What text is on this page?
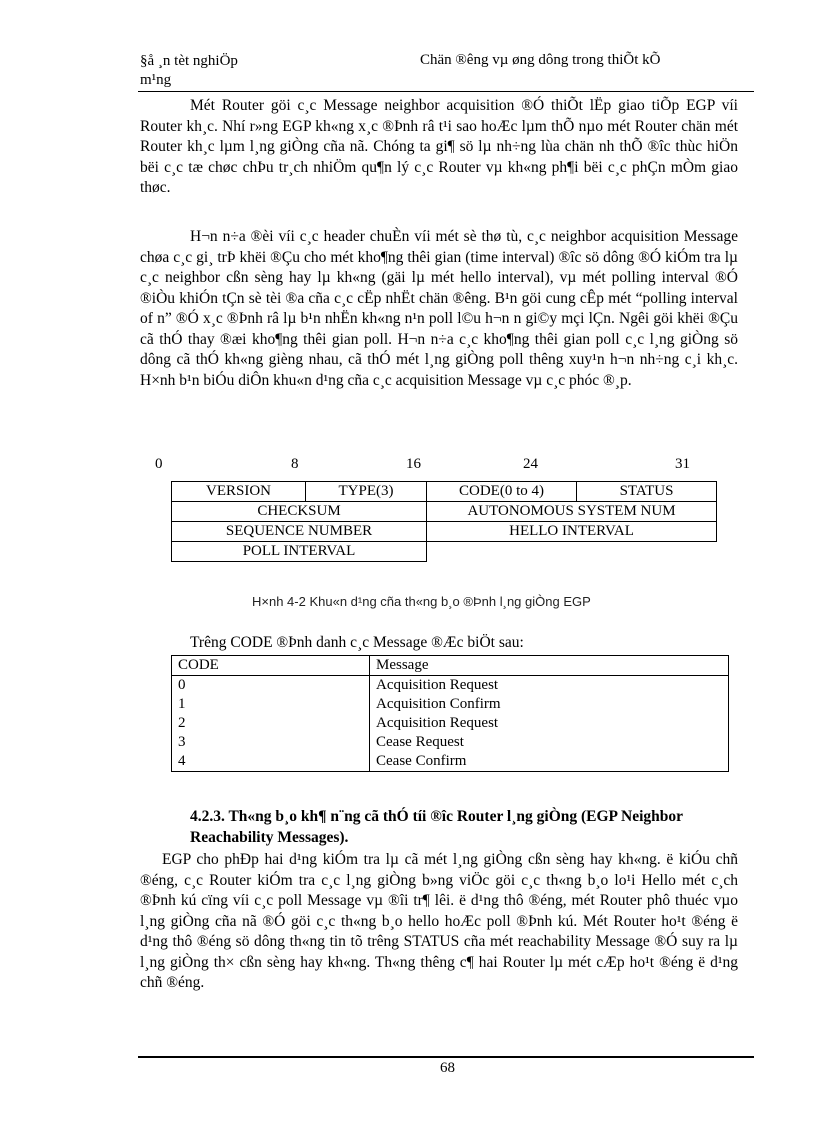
§å ¸n tèt nghiÖp
m¹ng
Chän ®êng vµ øng dông trong thiÕt kÕ

Mét Router göi c¸c Message neighbor acquisition ®Ó thiÕt lËp giao tiÕp EGP víi Router kh¸c. Nhí r»ng EGP kh«ng x¸c ®Þnh râ t¹i sao hoÆc lµm thÕ nµo mét Router chän mét Router kh¸c lµm l¸ng giÒng cña nã. Chóng ta gi¶ sö lµ nh÷ng lùa chän nh thÕ ®îc thùc hiÖn bëi c¸c tæ chøc chÞu tr¸ch nhiÖm qu¶n lý c¸c Router vµ kh«ng ph¶i bëi c¸c phÇn mÒm giao thøc.

H¬n n÷a ®èi víi c¸c header chuÈn víi mét sè thø tù, c¸c neighbor acquisition Message chøa c¸c gi¸ trÞ khëi ®Çu cho mét kho¶ng thêi gian (time interval) ®îc sö dông ®Ó kiÓm tra lµ c¸c neighbor cßn sèng hay lµ kh«ng (gäi lµ mét hello interval), vµ mét polling interval ®Ó ®iÒu khiÓn tÇn sè tèi ®a cña c¸c cËp nhËt chän ®êng. B¹n göi cung cÊp mét “polling interval of n” ®Ó x¸c ®Þnh râ lµ b¹n nhËn kh«ng n¹n poll l©u h¬n n gi©y mçi lÇn. Ngêi göi khëi ®Çu cã thÓ thay ®æi kho¶ng thêi gian poll. H¬n n÷a c¸c kho¶ng thêi gian poll c¸c l¸ng giÒng sö dông cã thÓ kh«ng gièng nhau, cã thÓ mét l¸ng giÒng poll thêng xuy¹n h¬n nh÷ng c¸i kh¸c. H×nh b¹n biÓu diÔn khu«n d¹ng cña c¸c acquisition Message vµ c¸c phóc ®¸p.

0	8	16	24	31
VERSION	TYPE(3)	CODE(0 to 4)	STATUS
CHECKSUM		AUTONOMOUS SYSTEM NUM	
SEQUENCE NUMBER		HELLO INTERVAL	
POLL INTERVAL			
H×nh 4-2 Khu«n d¹ng cña th«ng b¸o ®Þnh l¸ng giÒng EGP
Trêng CODE ®Þnh danh c¸c Message ®Æc biÖt sau:
CODE	Message
0	Acquisition Request
1	Acquisition Confirm
2	Acquisition Request
3	Cease Request
4	Cease Confirm

4.2.3. Th«ng b¸o kh¶ n¨ng cã thÓ tíi ®îc Router l¸ng giÒng (EGP Neighbor Reachability Messages).

EGP cho phÐp hai d¹ng kiÓm tra lµ cã mét l¸ng giÒng cßn sèng hay kh«ng. ë kiÓu chñ ®éng, c¸c Router kiÓm tra c¸c l¸ng giÒng b»ng viÖc göi c¸c th«ng b¸o lo¹i Hello mét c¸ch ®Þnh kú cïng víi c¸c poll Message vµ ®îi tr¶ lêi. ë d¹ng thô ®éng, mét Router phô thuéc vµo l¸ng giÒng cña nã ®Ó göi c¸c th«ng b¸o hello hoÆc poll ®Þnh kú. Mét Router ho¹t ®éng ë d¹ng thô ®éng sö dông th«ng tin tõ trêng STATUS cña mét reachability Message ®Ó suy ra lµ l¸ng giÒng th× cßn sèng hay kh«ng. Th«ng thêng c¶ hai Router lµ mét cÆp ho¹t ®éng ë d¹ng chñ ®éng.

68
